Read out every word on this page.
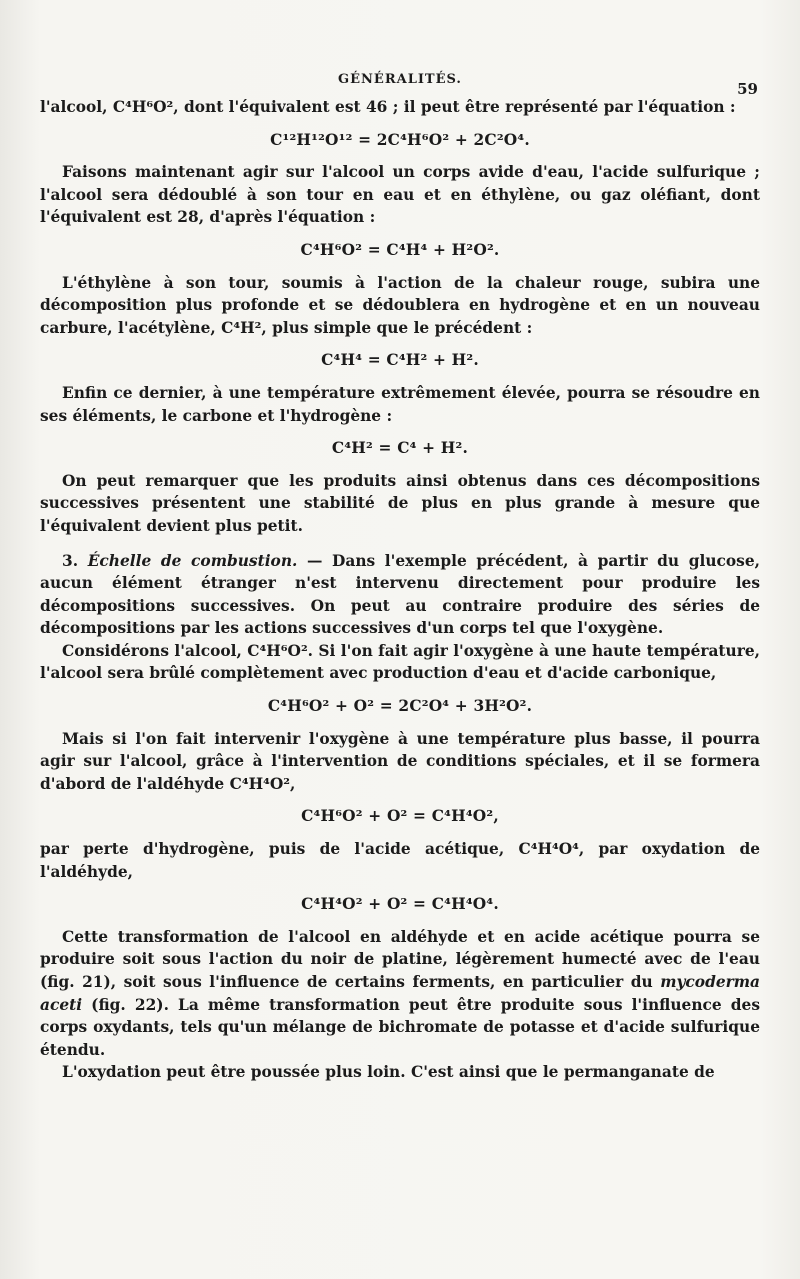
GÉNÉRALITÉS.
59

l'alcool, C⁴H⁶O², dont l'équivalent est 46 ; il peut être représenté par l'équation :

C¹²H¹²O¹² = 2C⁴H⁶O² + 2C²O⁴.

Faisons maintenant agir sur l'alcool un corps avide d'eau, l'acide sulfurique ; l'alcool sera dédoublé à son tour en eau et en éthylène, ou gaz oléfiant, dont l'équivalent est 28, d'après l'équation :

C⁴H⁶O² = C⁴H⁴ + H²O².

L'éthylène à son tour, soumis à l'action de la chaleur rouge, subira une décomposition plus profonde et se dédoublera en hydrogène et en un nouveau carbure, l'acétylène, C⁴H², plus simple que le précédent :

C⁴H⁴ = C⁴H² + H².

Enfin ce dernier, à une température extrêmement élevée, pourra se résoudre en ses éléments, le carbone et l'hydrogène :

C⁴H² = C⁴ + H².

On peut remarquer que les produits ainsi obtenus dans ces décompositions successives présentent une stabilité de plus en plus grande à mesure que l'équivalent devient plus petit.

3. Échelle de combustion. — Dans l'exemple précédent, à partir du glucose, aucun élément étranger n'est intervenu directement pour produire les décompositions successives. On peut au contraire produire des séries de décompositions par les actions successives d'un corps tel que l'oxygène.

Considérons l'alcool, C⁴H⁶O². Si l'on fait agir l'oxygène à une haute température, l'alcool sera brûlé complètement avec production d'eau et d'acide carbonique,

C⁴H⁶O² + O² = 2C²O⁴ + 3H²O².

Mais si l'on fait intervenir l'oxygène à une température plus basse, il pourra agir sur l'alcool, grâce à l'intervention de conditions spéciales, et il se formera d'abord de l'aldéhyde C⁴H⁴O²,

C⁴H⁶O² + O² = C⁴H⁴O²,

par perte d'hydrogène, puis de l'acide acétique, C⁴H⁴O⁴, par oxydation de l'aldéhyde,

C⁴H⁴O² + O² = C⁴H⁴O⁴.

Cette transformation de l'alcool en aldéhyde et en acide acétique pourra se produire soit sous l'action du noir de platine, légèrement humecté avec de l'eau (fig. 21), soit sous l'influence de certains ferments, en particulier du mycoderma aceti (fig. 22). La même transformation peut être produite sous l'influence des corps oxydants, tels qu'un mélange de bichromate de potasse et d'acide sulfurique étendu.

L'oxydation peut être poussée plus loin. C'est ainsi que le permanganate de
